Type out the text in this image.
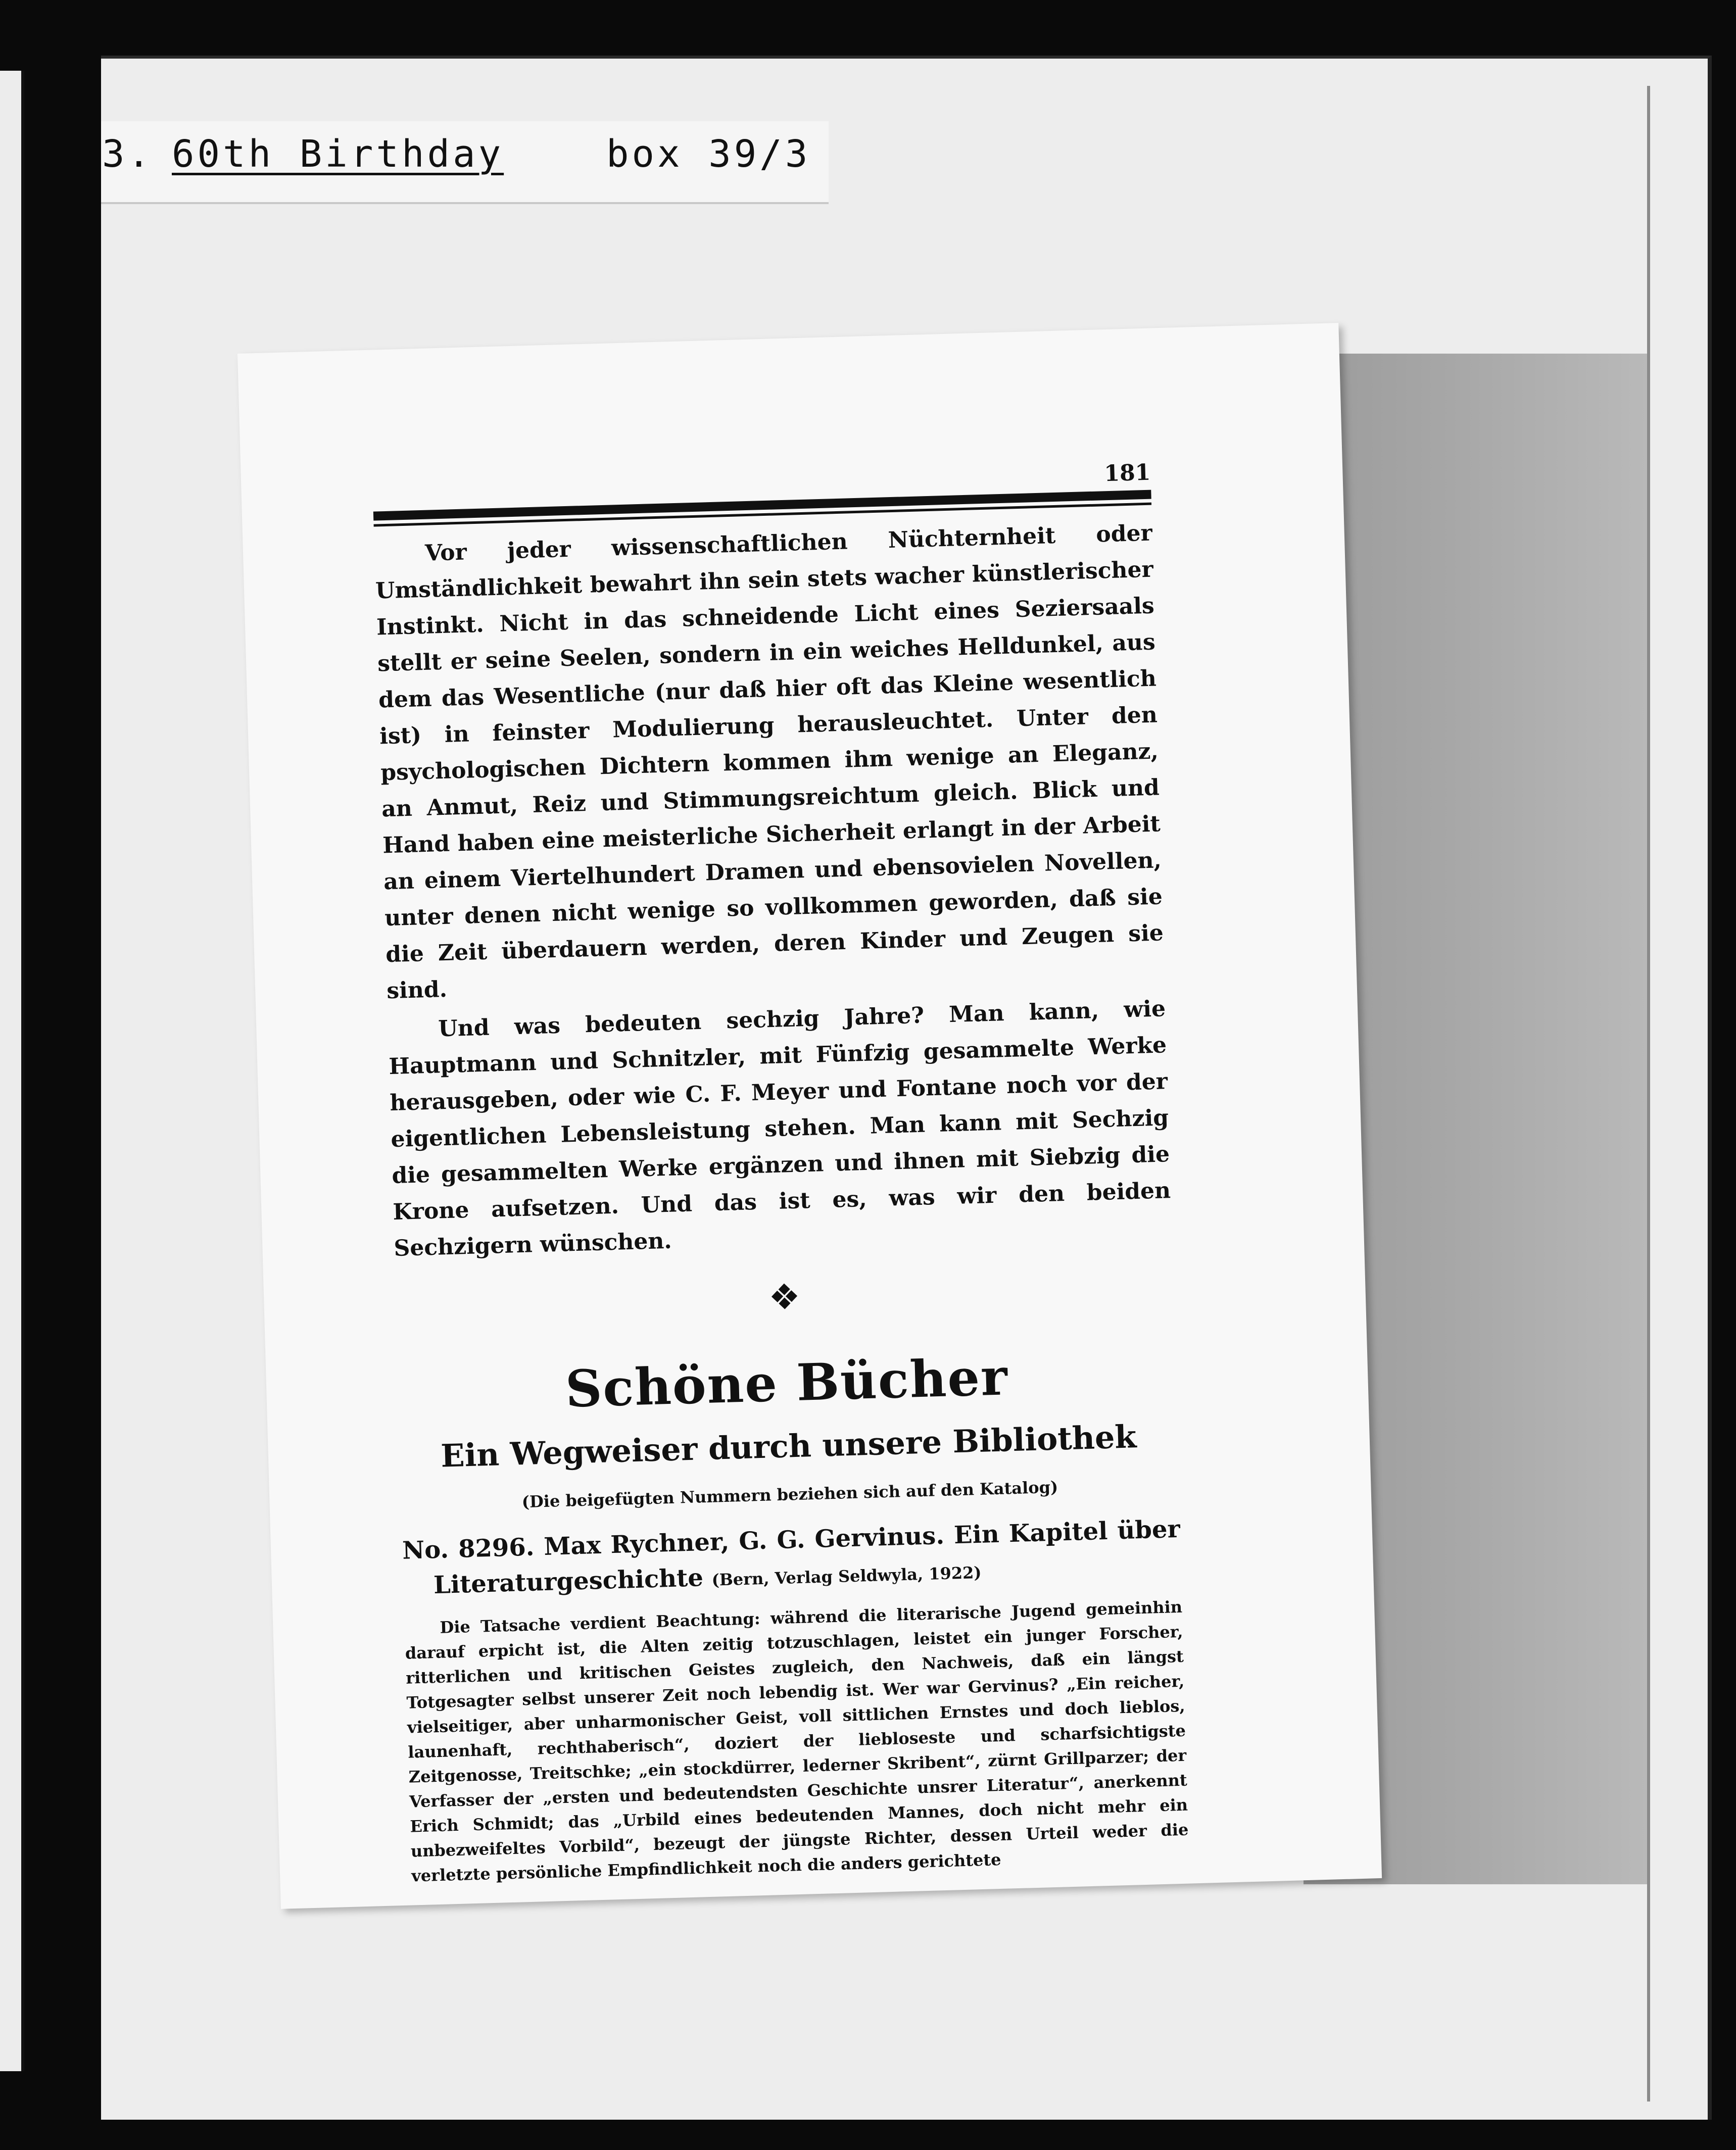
3. 60th Birthday	box 39/3
181

Vor jeder wissenschaftlichen Nüchternheit oder Umständlichkeit bewahrt ihn sein stets wacher künstlerischer Instinkt. Nicht in das schneidende Licht eines Seziersaals stellt er seine Seelen, sondern in ein weiches Helldunkel, aus dem das Wesentliche (nur daß hier oft das Kleine wesentlich ist) in feinster Modulierung herausleuchtet. Unter den psychologischen Dichtern kommen ihm wenige an Eleganz, an Anmut, Reiz und Stimmungsreichtum gleich. Blick und Hand haben eine meisterliche Sicherheit erlangt in der Arbeit an einem Viertelhundert Dramen und ebensovielen Novellen, unter denen nicht wenige so vollkommen geworden, daß sie die Zeit überdauern werden, deren Kinder und Zeugen sie sind.

Und was bedeuten sechzig Jahre? Man kann, wie Hauptmann und Schnitzler, mit Fünfzig gesammelte Werke herausgeben, oder wie C. F. Meyer und Fontane noch vor der eigentlichen Lebensleistung stehen. Man kann mit Sechzig die gesammelten Werke ergänzen und ihnen mit Siebzig die Krone aufsetzen. Und das ist es, was wir den beiden Sechzigern wünschen.

❖
Schöne Bücher
Ein Wegweiser durch unsere Bibliothek
(Die beigefügten Nummern beziehen sich auf den Katalog)

No. 8296. Max Rychner, G. G. Gervinus. Ein Kapitel über Literaturgeschichte (Bern, Verlag Seldwyla, 1922)

Die Tatsache verdient Beachtung: während die literarische Jugend gemeinhin darauf erpicht ist, die Alten zeitig totzuschlagen, leistet ein junger Forscher, ritterlichen und kritischen Geistes zugleich, den Nachweis, daß ein längst Totgesagter selbst unserer Zeit noch lebendig ist. Wer war Gervinus? „Ein reicher, vielseitiger, aber unharmonischer Geist, voll sittlichen Ernstes und doch lieblos, launenhaft, rechthaberisch“, doziert der liebloseste und scharfsichtigste Zeitgenosse, Treitschke; „ein stockdürrer, lederner Skribent“, zürnt Grillparzer; der Verfasser der „ersten und bedeutendsten Geschichte unsrer Literatur“, anerkennt Erich Schmidt; das „Urbild eines bedeutenden Mannes, doch nicht mehr ein unbezweifeltes Vorbild“, bezeugt der jüngste Richter, dessen Urteil weder die verletzte persönliche Empfindlichkeit noch die anders gerichtete
